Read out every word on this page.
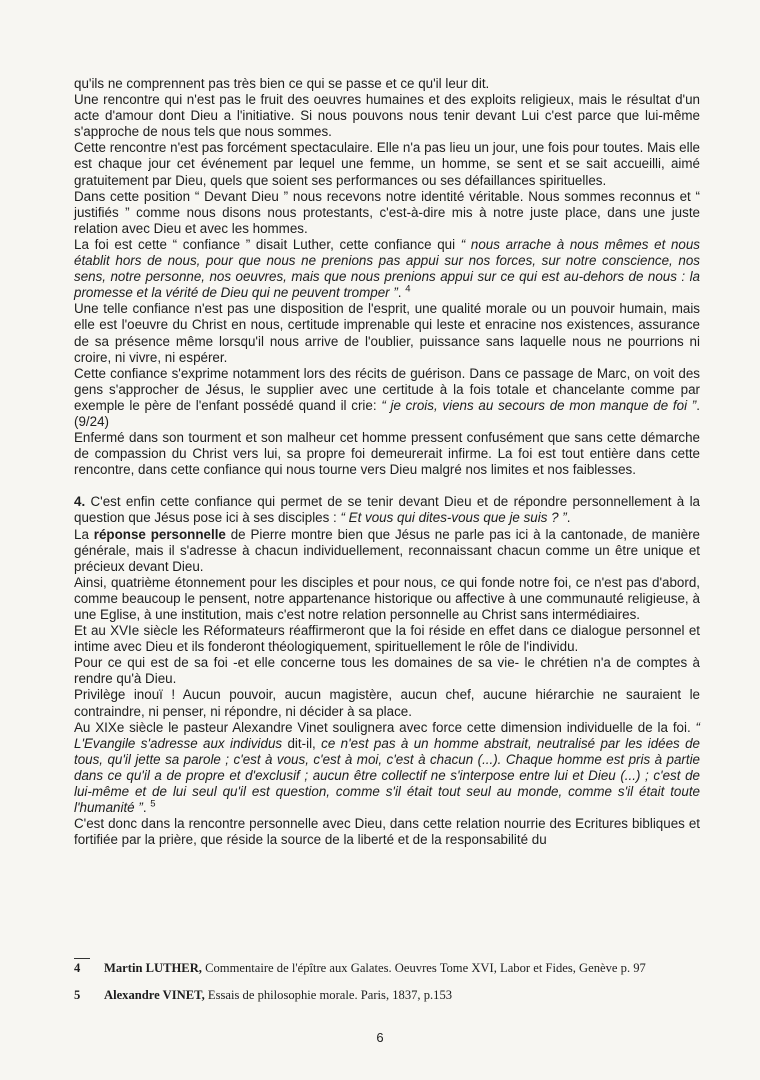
qu'ils ne comprennent pas très bien ce qui se passe et ce qu'il leur dit.

Une rencontre qui n'est pas le fruit des oeuvres humaines et des exploits religieux, mais le résultat d'un acte d'amour dont Dieu a l'initiative. Si nous pouvons nous tenir devant Lui c'est parce que lui-même s'approche de nous tels que nous sommes.

Cette rencontre n'est pas forcément spectaculaire. Elle n'a pas lieu un jour, une fois pour toutes. Mais elle est chaque jour cet événement par lequel une femme, un homme, se sent et se sait accueilli, aimé gratuitement par Dieu, quels que soient ses performances ou ses défaillances spirituelles.

Dans cette position “ Devant Dieu ” nous recevons notre identité véritable. Nous sommes reconnus et “ justifiés ” comme nous disons nous protestants, c'est-à-dire mis à notre juste place, dans une juste relation avec Dieu et avec les hommes.

La foi est cette “ confiance ” disait Luther, cette confiance qui “ nous arrache à nous mêmes et nous établit hors de nous, pour que nous ne prenions pas appui sur nos forces, sur notre conscience, nos sens, notre personne, nos oeuvres, mais que nous prenions appui sur ce qui est au-dehors de nous : la promesse et la vérité de Dieu qui ne peuvent tromper ”. $^4$

Une telle confiance n'est pas une disposition de l'esprit, une qualité morale ou un pouvoir humain, mais elle est l'oeuvre du Christ en nous, certitude imprenable qui leste et enracine nos existences, assurance de sa présence même lorsqu'il nous arrive de l'oublier, puissance sans laquelle nous ne pourrions ni croire, ni vivre, ni espérer.

Cette confiance s'exprime notamment lors des récits de guérison. Dans ce passage de Marc, on voit des gens s'approcher de Jésus, le supplier avec une certitude à la fois totale et chancelante comme par exemple le père de l'enfant possédé quand il crie: “ je crois, viens au secours de mon manque de foi ”. (9/24)

Enfermé dans son tourment et son malheur cet homme pressent confusément que sans cette démarche de compassion du Christ vers lui, sa propre foi demeurerait infirme. La foi est tout entière dans cette rencontre, dans cette confiance qui nous tourne vers Dieu malgré nos limites et nos faiblesses.

4. C'est enfin cette confiance qui permet de se tenir devant Dieu et de répondre personnellement à la question que Jésus pose ici à ses disciples : “ Et vous qui dites-vous que je suis ? ”.

La réponse personnelle de Pierre montre bien que Jésus ne parle pas ici à la cantonade, de manière générale, mais il s'adresse à chacun individuellement, reconnaissant chacun comme un être unique et précieux devant Dieu.

Ainsi, quatrième étonnement pour les disciples et pour nous, ce qui fonde notre foi, ce n'est pas d'abord, comme beaucoup le pensent, notre appartenance historique ou affective à une communauté religieuse, à une Eglise, à une institution, mais c'est notre relation personnelle au Christ sans intermédiaires.

Et au XVIe siècle les Réformateurs réaffirmeront que la foi réside en effet dans ce dialogue personnel et intime avec Dieu et ils fonderont théologiquement, spirituellement le rôle de l'individu.

Pour ce qui est de sa foi -et elle concerne tous les domaines de sa vie- le chrétien n'a de comptes à rendre qu'à Dieu.

Privilège inouï ! Aucun pouvoir, aucun magistère, aucun chef, aucune hiérarchie ne sauraient le contraindre, ni penser, ni répondre, ni décider à sa place.

Au XIXe siècle le pasteur Alexandre Vinet soulignera avec force cette dimension individuelle de la foi. “ L'Evangile s'adresse aux individus dit-il, ce n'est pas à un homme abstrait, neutralisé par les idées de tous, qu'il jette sa parole ; c'est à vous, c'est à moi, c'est à chacun (...). Chaque homme est pris à partie dans ce qu'il a de propre et d'exclusif ; aucun être collectif ne s'interpose entre lui et Dieu (...) ; c'est de lui-même et de lui seul qu'il est question, comme s'il était tout seul au monde, comme s'il était toute l'humanité ”. $^5$

C'est donc dans la rencontre personnelle avec Dieu, dans cette relation nourrie des Ecritures bibliques et fortifiée par la prière, que réside la source de la liberté et de la responsabilité du

4 Martin LUTHER, Commentaire de l'épître aux Galates. Oeuvres Tome XVI, Labor et Fides, Genève p. 97

5 Alexandre VINET, Essais de philosophie morale. Paris, 1837, p.153

6
